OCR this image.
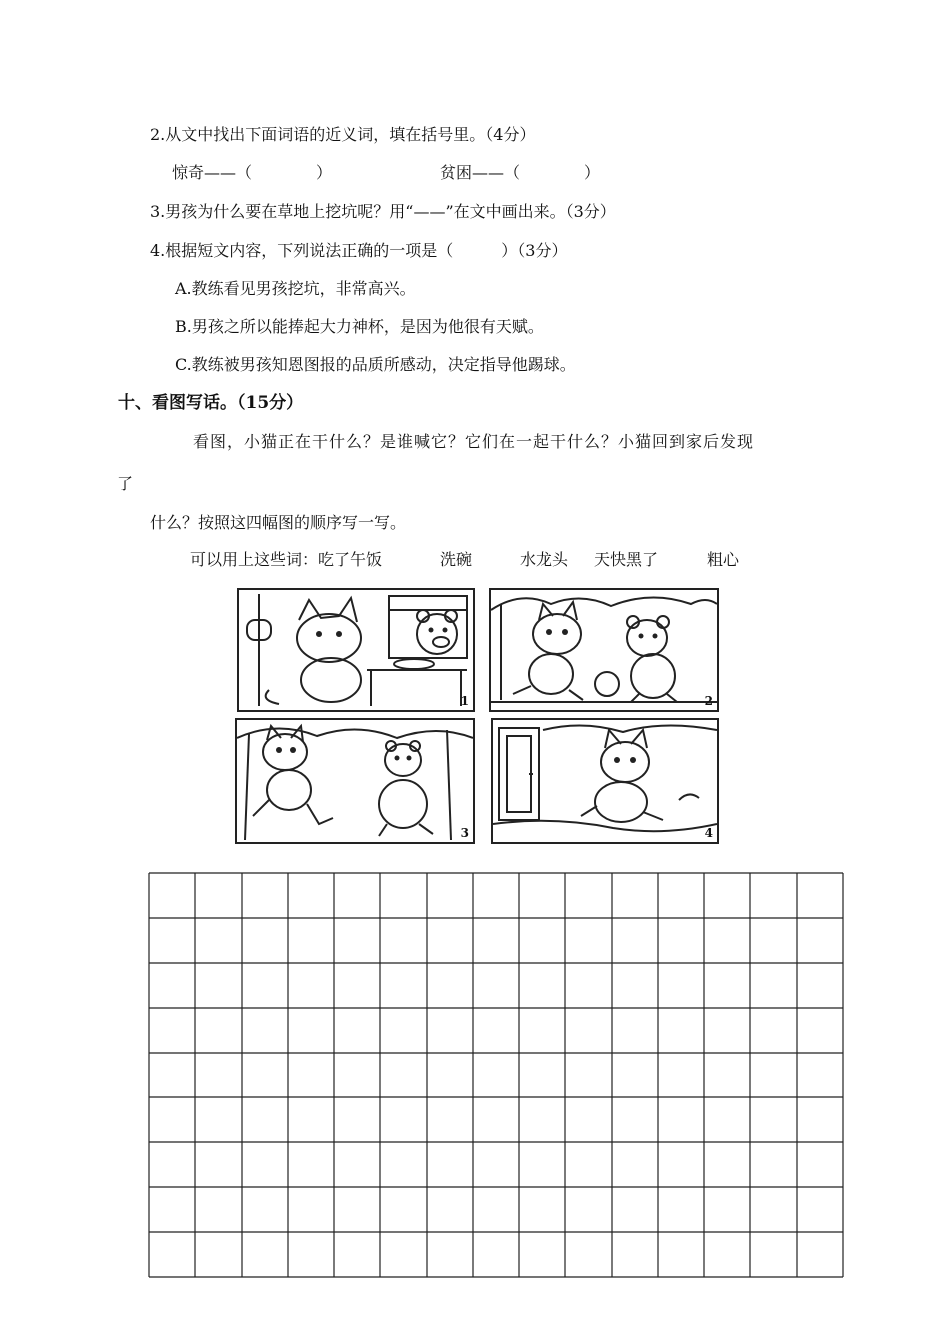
2.从文中找出下面词语的近义词，填在括号里。（4分）
惊奇——（　　　　）	贫困——（　　　　）
3.男孩为什么要在草地上挖坑呢？用“——”在文中画出来。（3分）
4.根据短文内容，下列说法正确的一项是（　　　）（3分）
A.教练看见男孩挖坑，非常高兴。
B.男孩之所以能捧起大力神杯，是因为他很有天赋。
C.教练被男孩知恩图报的品质所感动，决定指导他踢球。
十、看图写话。（15分）
看图，小猫正在干什么？是谁喊它？它们在一起干什么？小猫回到家后发现
了
什么？按照这四幅图的顺序写一写。
可以用上这些词：吃了午饭	洗碗	水龙头 天快黑了	粗心
1	2
3	4
